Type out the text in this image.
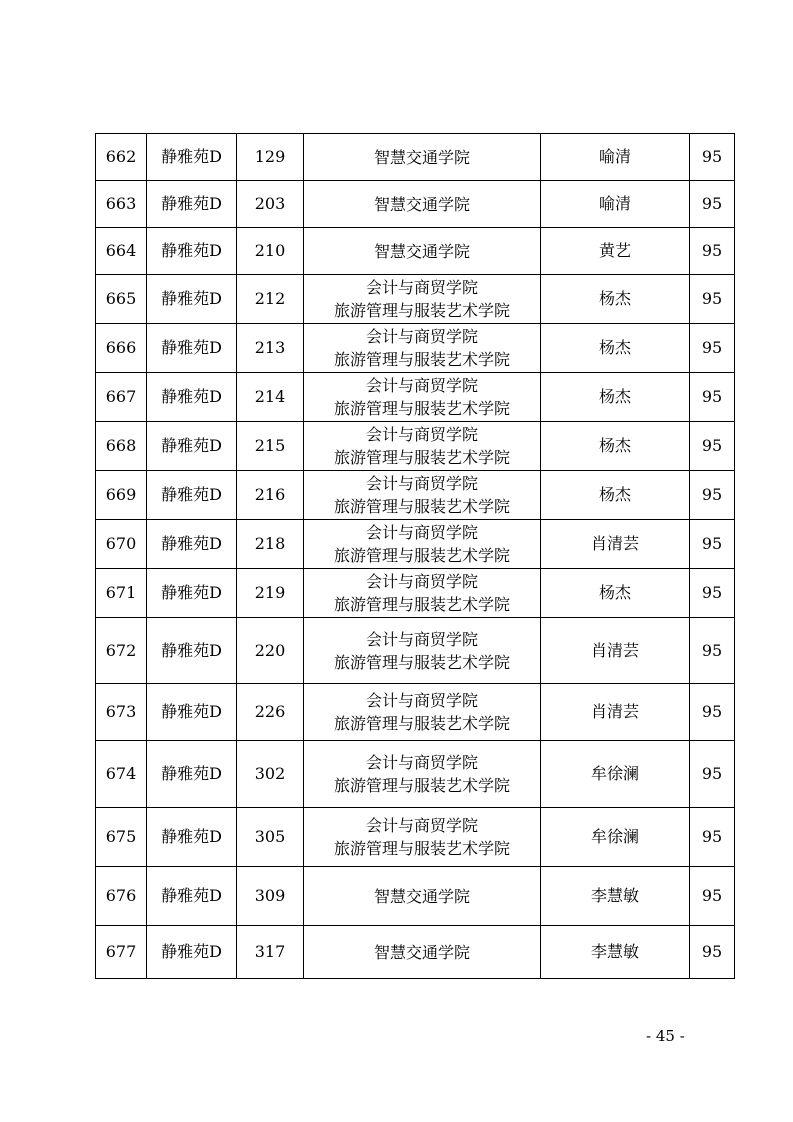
662	静雅苑D	129	智慧交通学院	喻清	95
663	静雅苑D	203	智慧交通学院	喻清	95
664	静雅苑D	210	智慧交通学院	黄艺	95
665	静雅苑D	212	会计与商贸学院
旅游管理与服装艺术学院	杨杰	95
666	静雅苑D	213	会计与商贸学院
旅游管理与服装艺术学院	杨杰	95
667	静雅苑D	214	会计与商贸学院
旅游管理与服装艺术学院	杨杰	95
668	静雅苑D	215	会计与商贸学院
旅游管理与服装艺术学院	杨杰	95
669	静雅苑D	216	会计与商贸学院
旅游管理与服装艺术学院	杨杰	95
670	静雅苑D	218	会计与商贸学院
旅游管理与服装艺术学院	肖清芸	95
671	静雅苑D	219	会计与商贸学院
旅游管理与服装艺术学院	杨杰	95
672	静雅苑D	220	会计与商贸学院
旅游管理与服装艺术学院	肖清芸	95
673	静雅苑D	226	会计与商贸学院
旅游管理与服装艺术学院	肖清芸	95
674	静雅苑D	302	会计与商贸学院
旅游管理与服装艺术学院	牟徐澜	95
675	静雅苑D	305	会计与商贸学院
旅游管理与服装艺术学院	牟徐澜	95
676	静雅苑D	309	智慧交通学院	李慧敏	95
677	静雅苑D	317	智慧交通学院	李慧敏	95
- 45 -
